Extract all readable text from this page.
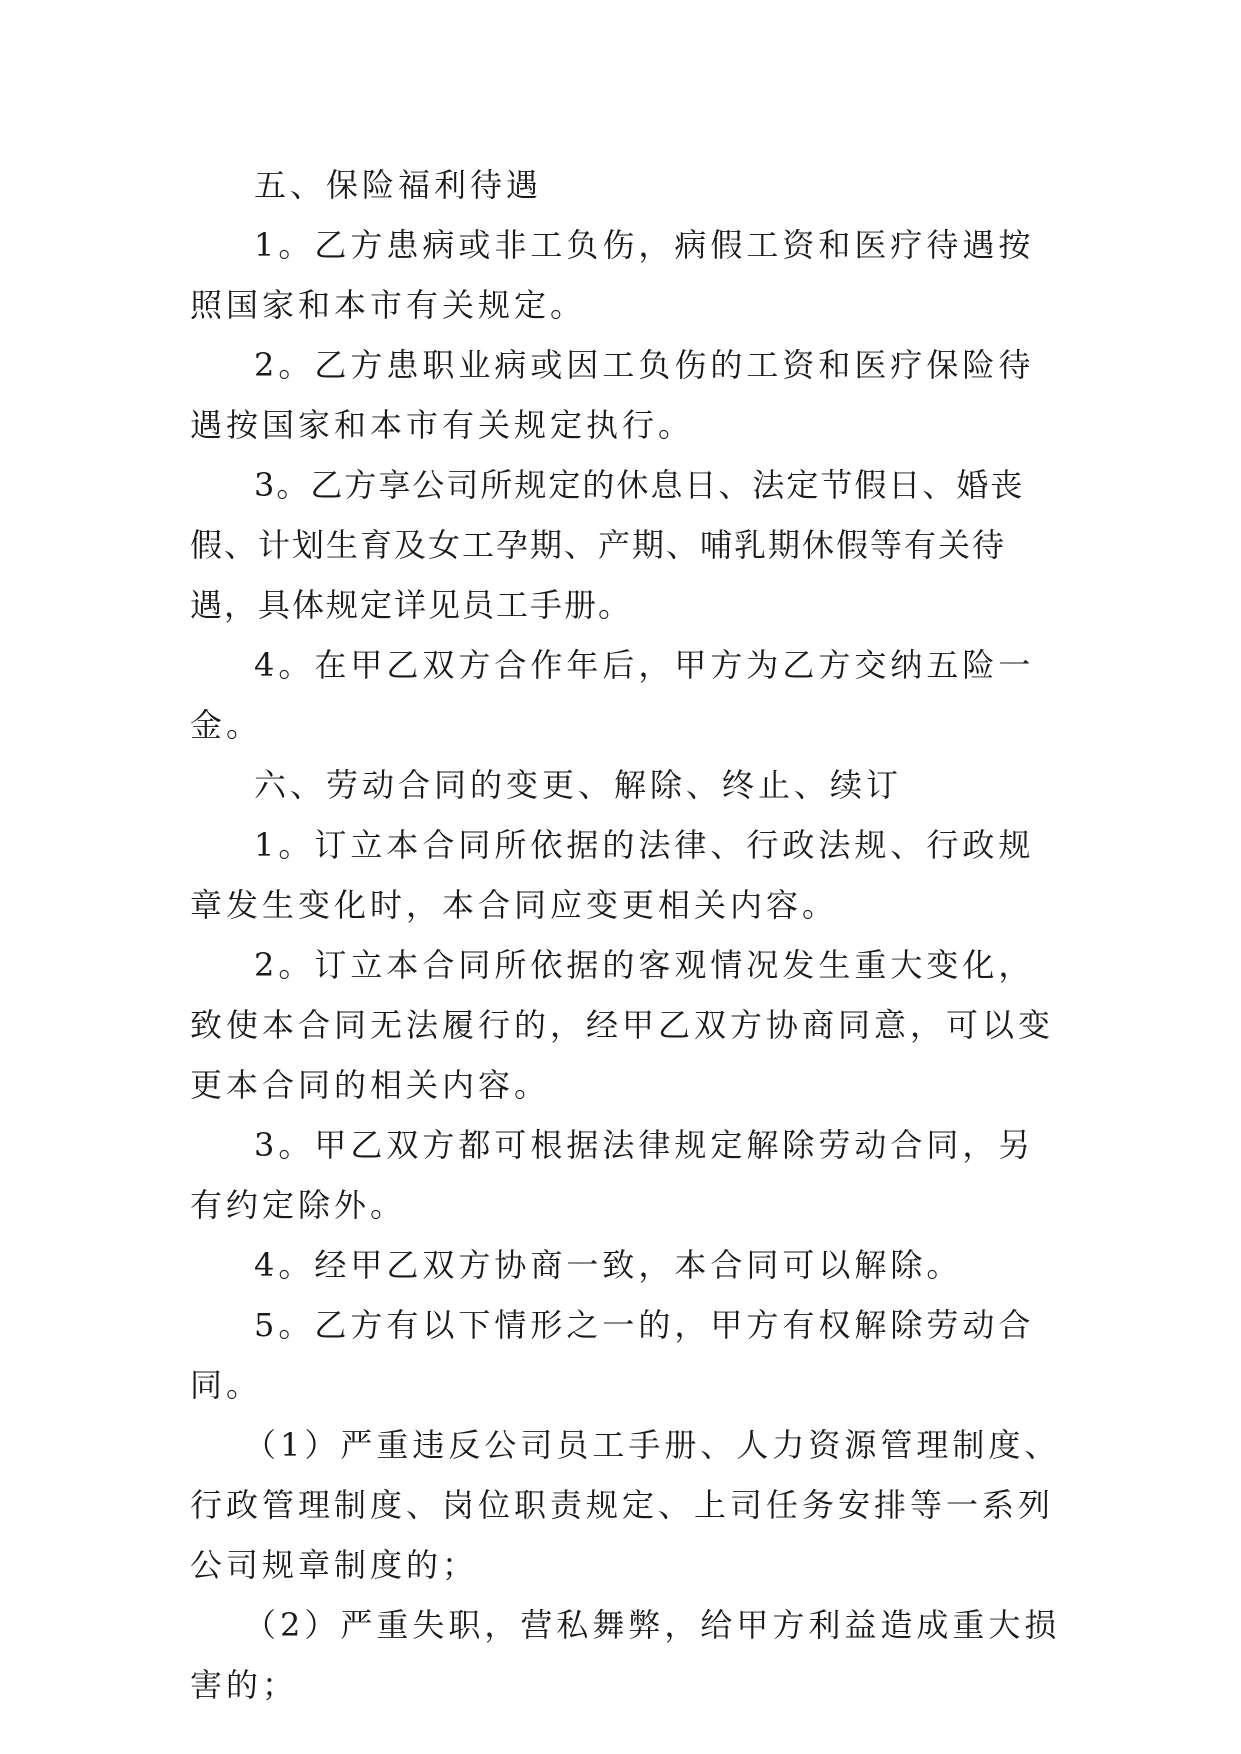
五、保险福利待遇

1。乙方患病或非工负伤，病假工资和医疗待遇按照国家和本市有关规定。

2。乙方患职业病或因工负伤的工资和医疗保险待遇按国家和本市有关规定执行。

3。乙方享公司所规定的休息日、法定节假日、婚丧假、计划生育及女工孕期、产期、哺乳期休假等有关待遇，具体规定详见员工手册。

4。在甲乙双方合作年后，甲方为乙方交纳五险一金。

六、劳动合同的变更、解除、终止、续订

1。订立本合同所依据的法律、行政法规、行政规章发生变化时，本合同应变更相关内容。

2。订立本合同所依据的客观情况发生重大变化，致使本合同无法履行的，经甲乙双方协商同意，可以变更本合同的相关内容。

3。甲乙双方都可根据法律规定解除劳动合同，另有约定除外。

4。经甲乙双方协商一致，本合同可以解除。

5。乙方有以下情形之一的，甲方有权解除劳动合同。

（1）严重违反公司员工手册、人力资源管理制度、行政管理制度、岗位职责规定、上司任务安排等一系列公司规章制度的；

（2）严重失职，营私舞弊，给甲方利益造成重大损害的；
